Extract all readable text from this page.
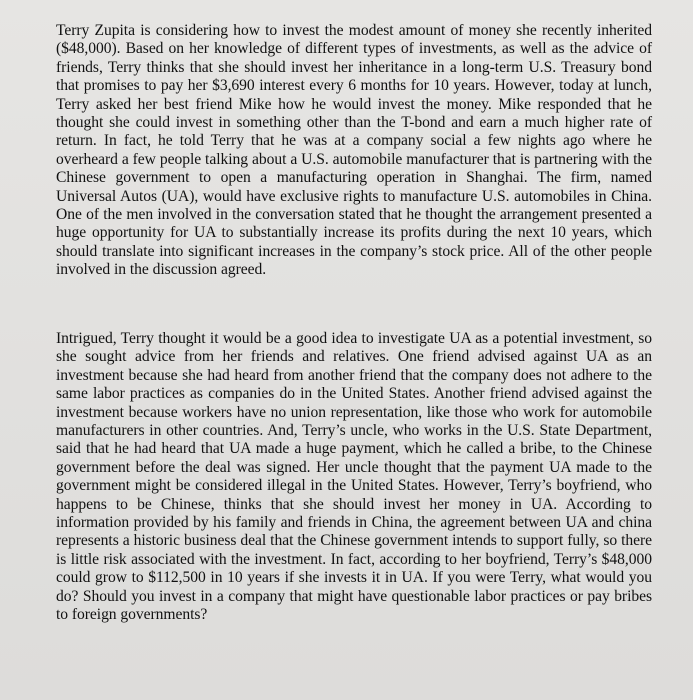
Terry Zupita is considering how to invest the modest amount of money she recently inherited ($48,000). Based on her knowledge of different types of investments, as well as the advice of friends, Terry thinks that she should invest her inheritance in a long-term U.S. Treasury bond that promises to pay her $3,690 interest every 6 months for 10 years. However, today at lunch, Terry asked her best friend Mike how he would invest the money. Mike responded that he thought she could invest in something other than the T-bond and earn a much higher rate of return. In fact, he told Terry that he was at a company social a few nights ago where he overheard a few people talking about a U.S. automobile manufacturer that is partnering with the Chinese government to open a manufacturing operation in Shanghai. The firm, named Universal Autos (UA), would have exclusive rights to manufacture U.S. automobiles in China. One of the men involved in the conversation stated that he thought the arrangement presented a huge opportunity for UA to substantially increase its profits during the next 10 years, which should translate into significant increases in the company’s stock price. All of the other people involved in the discussion agreed.

Intrigued, Terry thought it would be a good idea to investigate UA as a potential investment, so she sought advice from her friends and relatives. One friend advised against UA as an investment because she had heard from another friend that the company does not adhere to the same labor practices as companies do in the United States. Another friend advised against the investment because workers have no union representation, like those who work for automobile manufacturers in other countries. And, Terry’s uncle, who works in the U.S. State Department, said that he had heard that UA made a huge payment, which he called a bribe, to the Chinese government before the deal was signed. Her uncle thought that the payment UA made to the government might be considered illegal in the United States. However, Terry’s boyfriend, who happens to be Chinese, thinks that she should invest her money in UA. According to information provided by his family and friends in China, the agreement between UA and china represents a historic business deal that the Chinese government intends to support fully, so there is little risk associated with the investment. In fact, according to her boyfriend, Terry’s $48,000 could grow to $112,500 in 10 years if she invests it in UA. If you were Terry, what would you do? Should you invest in a company that might have questionable labor practices or pay bribes to foreign governments?
